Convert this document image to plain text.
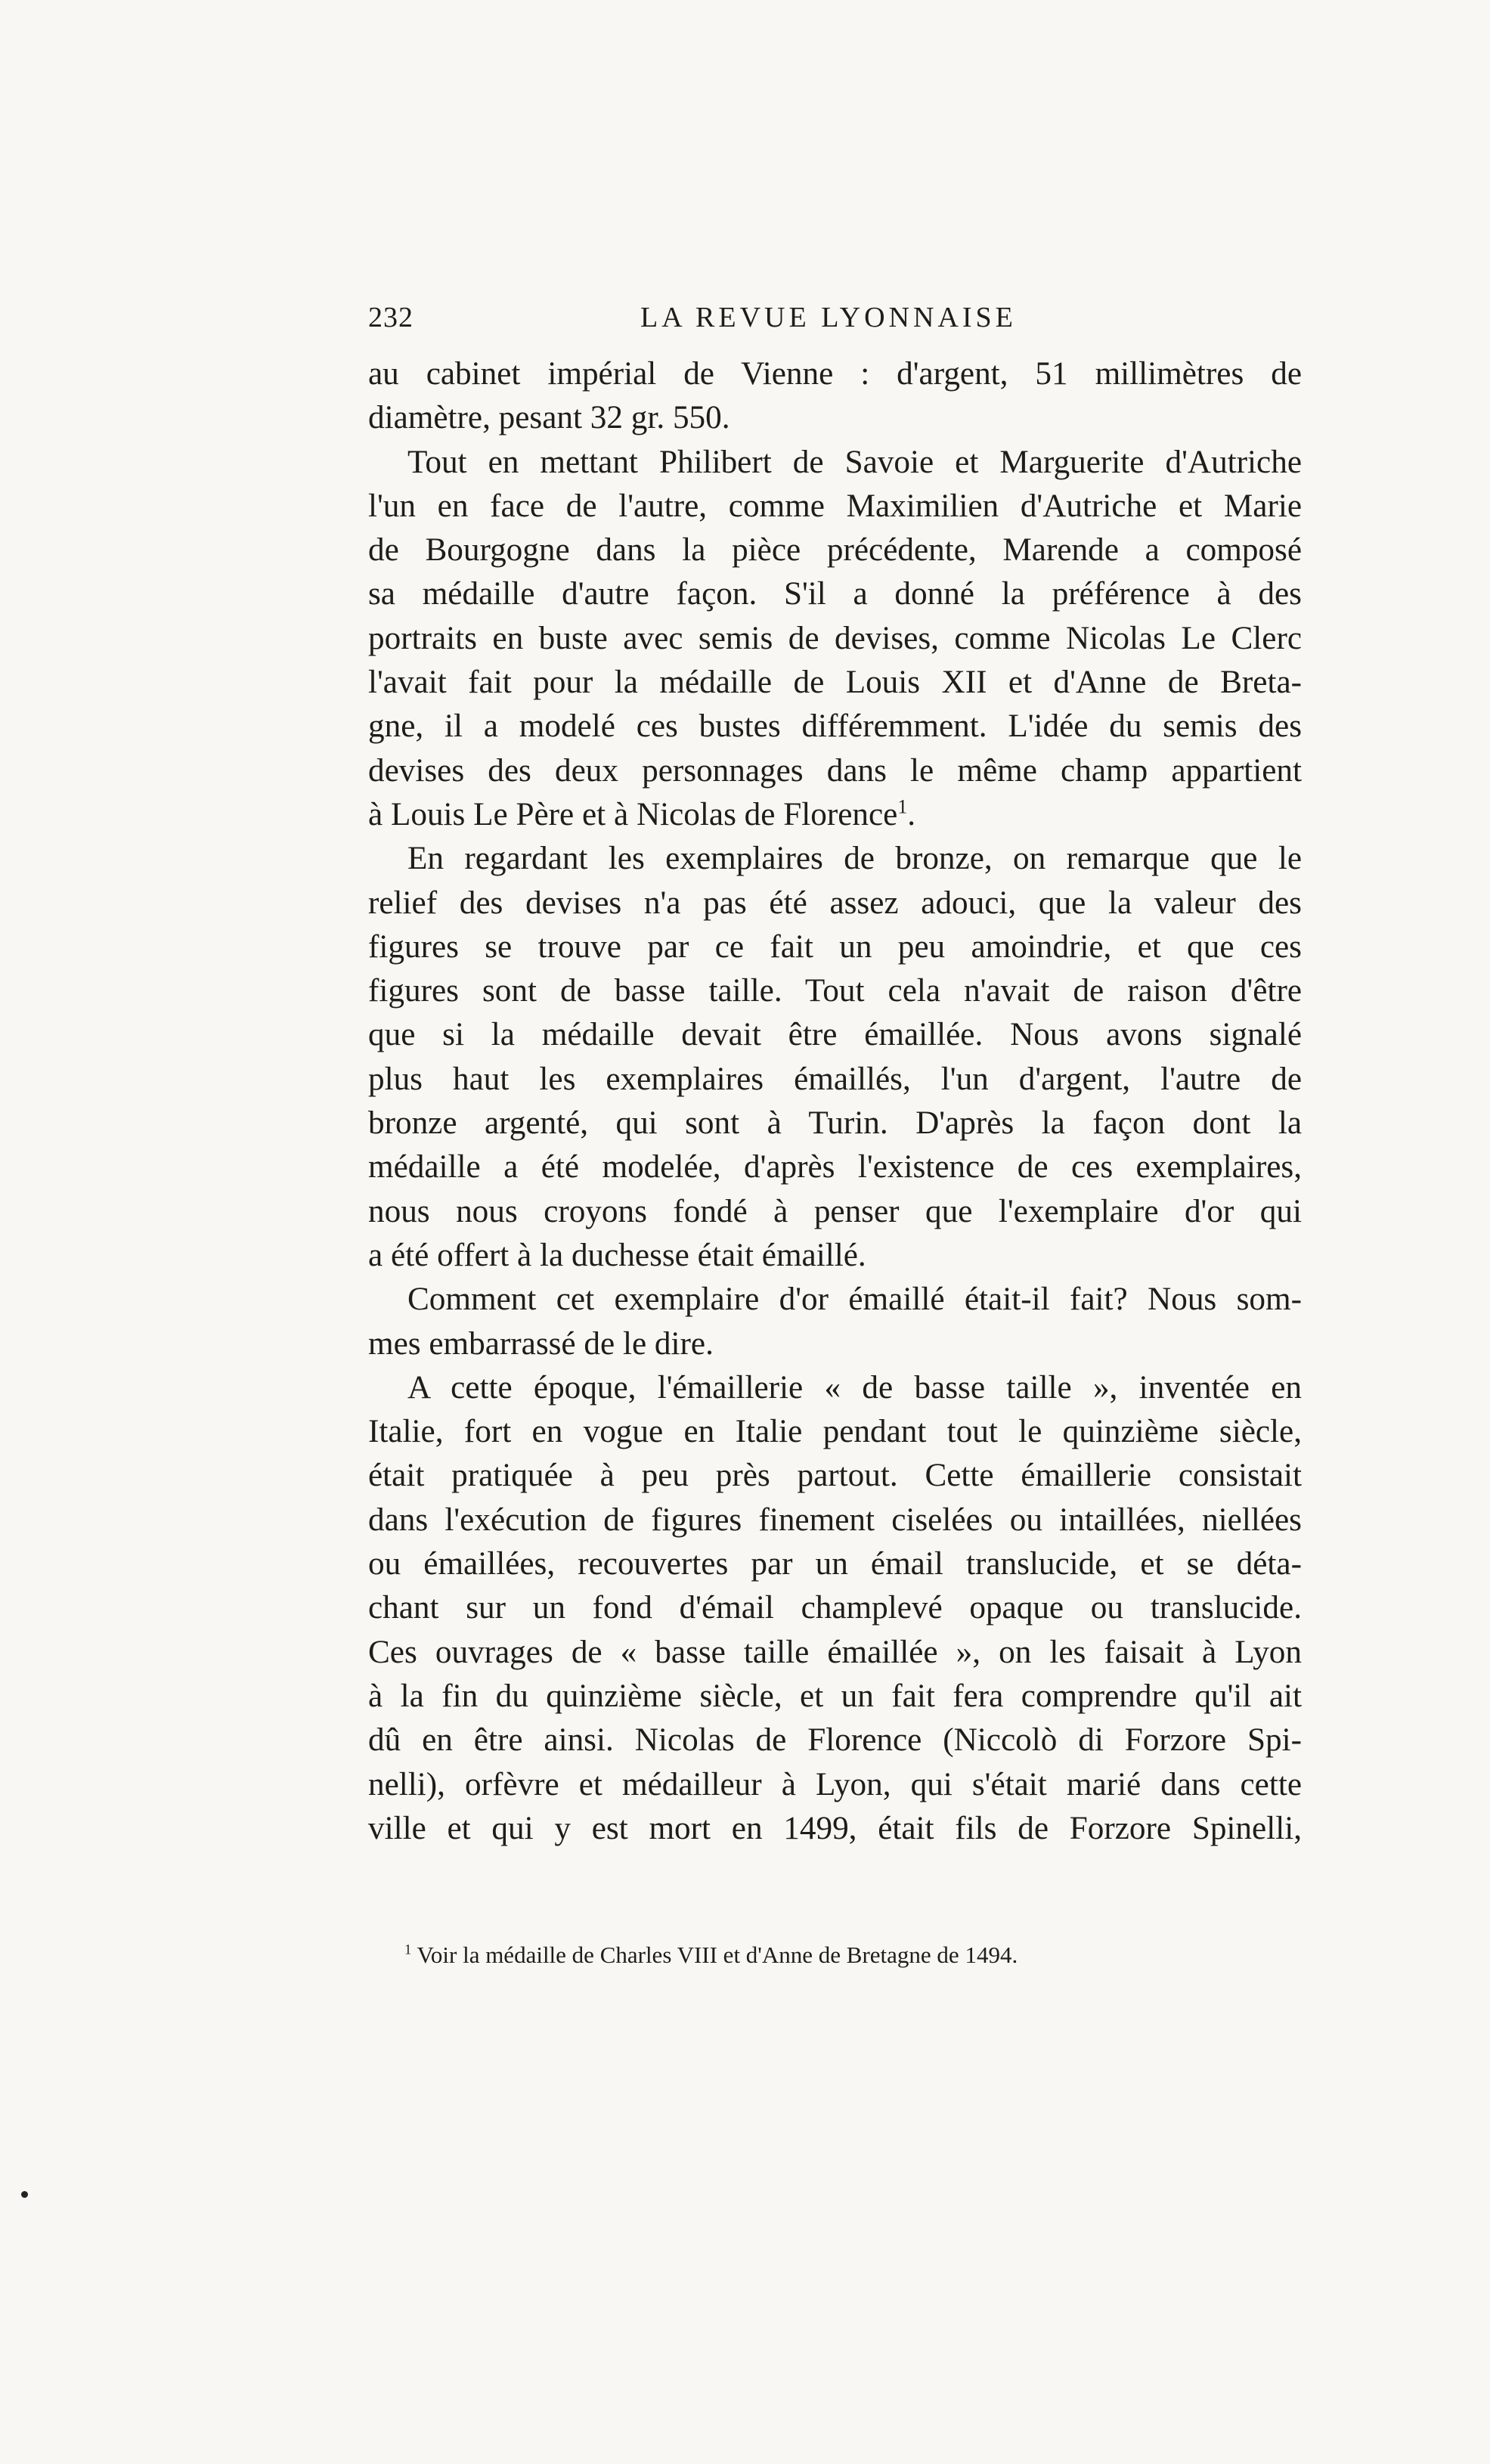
232	LA REVUE LYONNAISE
au cabinet impérial de Vienne : d'argent, 51 millimètres de
diamètre, pesant 32 gr. 550.
Tout en mettant Philibert de Savoie et Marguerite d'Autriche
l'un en face de l'autre, comme Maximilien d'Autriche et Marie
de Bourgogne dans la pièce précédente, Marende a composé
sa médaille d'autre façon. S'il a donné la préférence à des
portraits en buste avec semis de devises, comme Nicolas Le Clerc
l'avait fait pour la médaille de Louis XII et d'Anne de Breta-
gne, il a modelé ces bustes différemment. L'idée du semis des
devises des deux personnages dans le même champ appartient
à Louis Le Père et à Nicolas de Florence$^1$.
En regardant les exemplaires de bronze, on remarque que le
relief des devises n'a pas été assez adouci, que la valeur des
figures se trouve par ce fait un peu amoindrie, et que ces
figures sont de basse taille. Tout cela n'avait de raison d'être
que si la médaille devait être émaillée. Nous avons signalé
plus haut les exemplaires émaillés, l'un d'argent, l'autre de
bronze argenté, qui sont à Turin. D'après la façon dont la
médaille a été modelée, d'après l'existence de ces exemplaires,
nous nous croyons fondé à penser que l'exemplaire d'or qui
a été offert à la duchesse était émaillé.
Comment cet exemplaire d'or émaillé était-il fait? Nous som-
mes embarrassé de le dire.
A cette époque, l'émaillerie « de basse taille », inventée en
Italie, fort en vogue en Italie pendant tout le quinzième siècle,
était pratiquée à peu près partout. Cette émaillerie consistait
dans l'exécution de figures finement ciselées ou intaillées, niellées
ou émaillées, recouvertes par un émail translucide, et se déta-
chant sur un fond d'émail champlevé opaque ou translucide.
Ces ouvrages de « basse taille émaillée », on les faisait à Lyon
à la fin du quinzième siècle, et un fait fera comprendre qu'il ait
dû en être ainsi. Nicolas de Florence (Niccolò di Forzore Spi-
nelli), orfèvre et médailleur à Lyon, qui s'était marié dans cette
ville et qui y est mort en 1499, était fils de Forzore Spinelli,
$^1$ Voir la médaille de Charles VIII et d'Anne de Bretagne de 1494.
